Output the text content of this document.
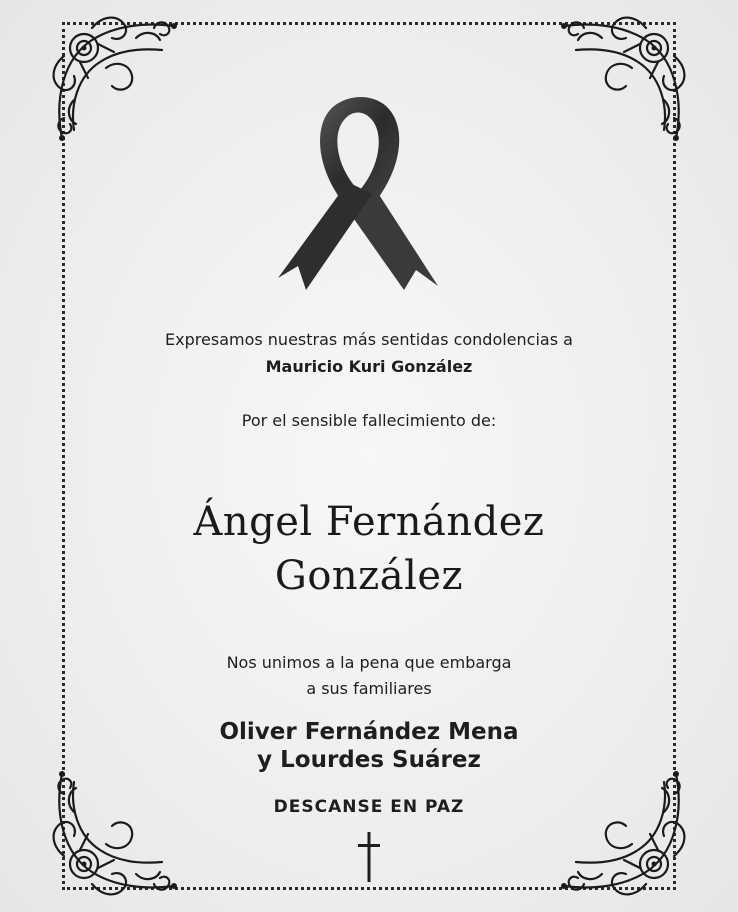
Expresamos nuestras más sentidas condolencias a
Mauricio Kuri González
Por el sensible fallecimiento de:
Ángel Fernández
González
Nos unimos a la pena que embarga
a sus familiares
Oliver Fernández Mena
y Lourdes Suárez
DESCANSE EN PAZ
